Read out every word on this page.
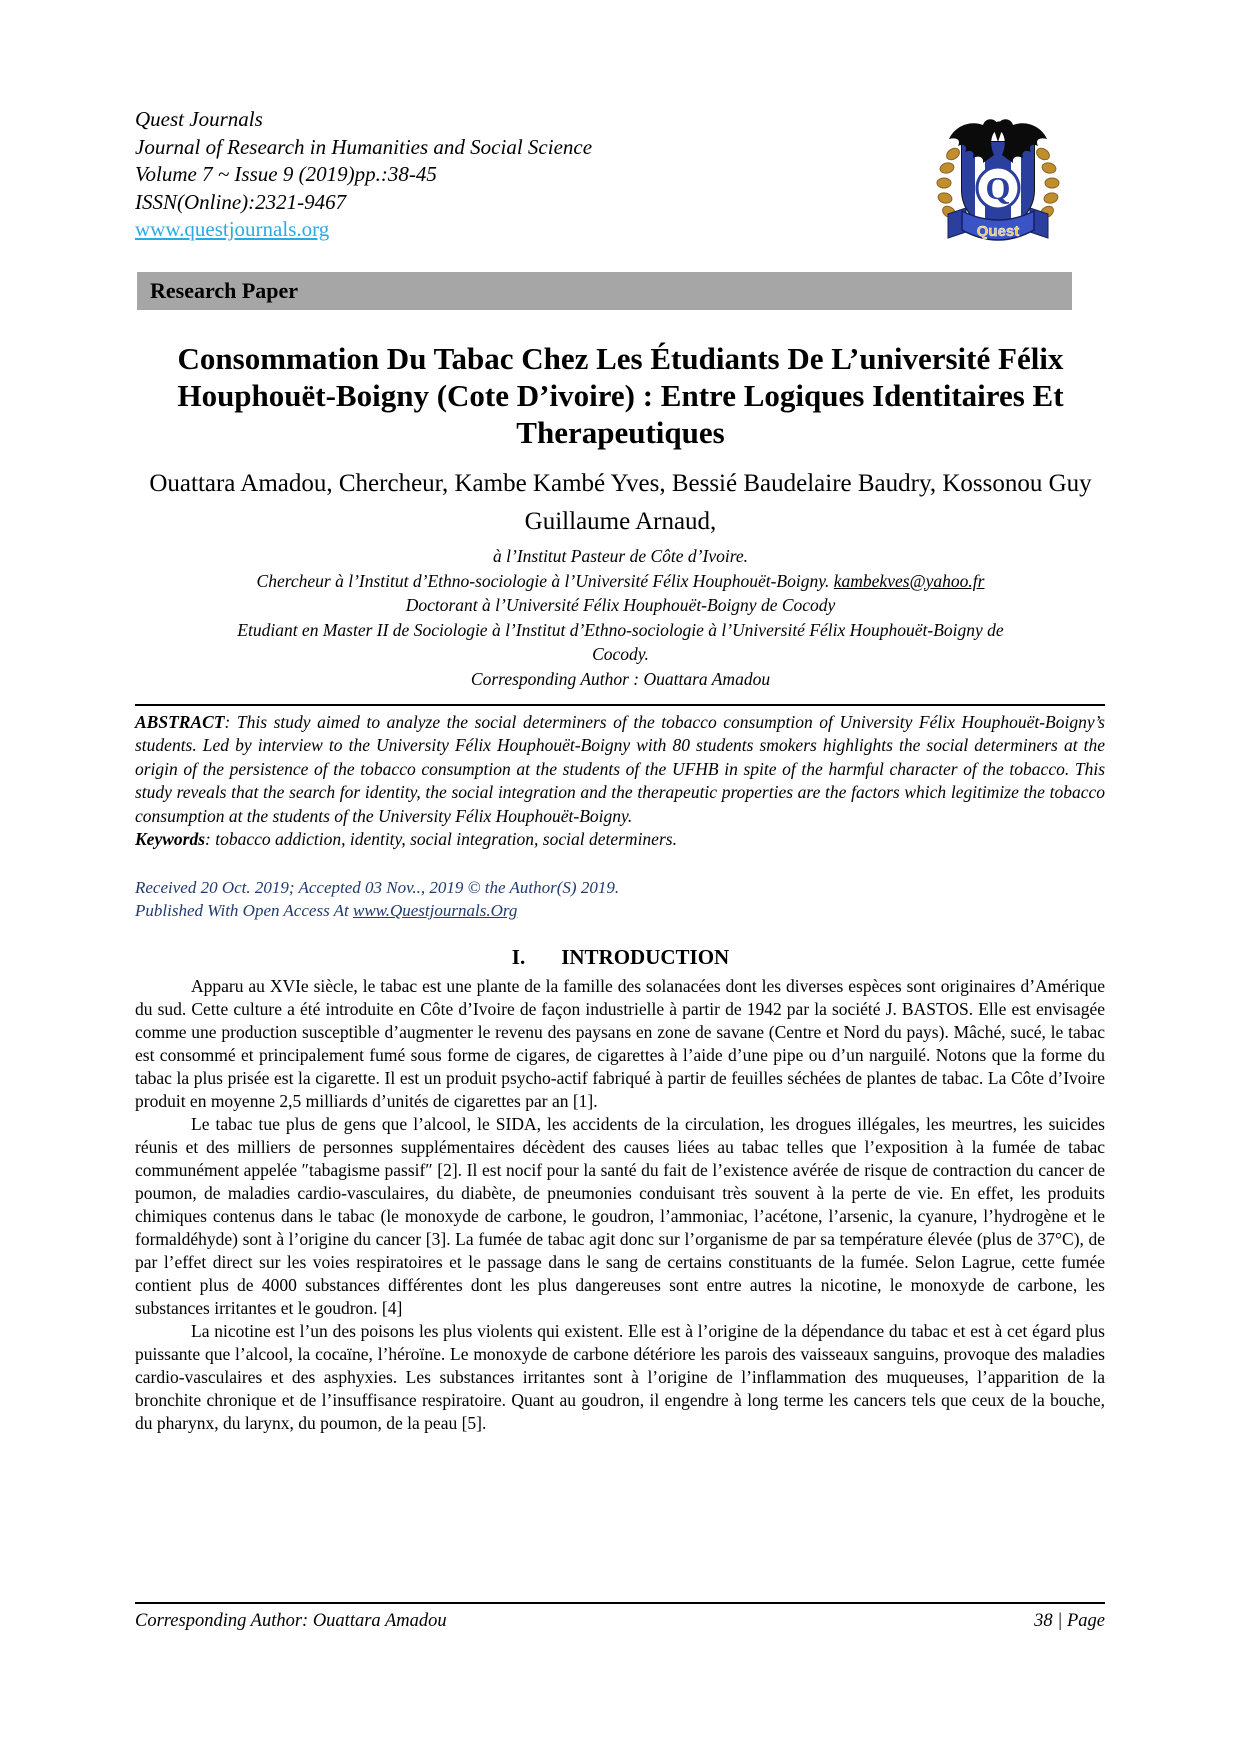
Quest Journals
Journal of Research in Humanities and Social Science
Volume 7 ~ Issue 9 (2019)pp.:38-45
ISSN(Online):2321-9467
www.questjournals.org
Q
Quest
Research Paper
Consommation Du Tabac Chez Les Étudiants De L’université Félix Houphouët-Boigny (Cote D’ivoire) : Entre Logiques Identitaires Et Therapeutiques
Ouattara Amadou, Chercheur, Kambe Kambé Yves, Bessié Baudelaire Baudry, Kossonou Guy Guillaume Arnaud,
à l’Institut Pasteur de Côte d’Ivoire.
Chercheur à l’Institut d’Ethno-sociologie à l’Université Félix Houphouët-Boigny. kambekves@yahoo.fr
Doctorant à l’Université Félix Houphouët-Boigny de Cocody
Etudiant en Master II de Sociologie à l’Institut d’Ethno-sociologie à l’Université Félix Houphouët-Boigny de
Cocody.
Corresponding Author : Ouattara Amadou
ABSTRACT: This study aimed to analyze the social determiners of the tobacco consumption of University Félix Houphouët-Boigny’s students. Led by interview to the University Félix Houphouët-Boigny with 80 students smokers highlights the social determiners at the origin of the persistence of the tobacco consumption at the students of the UFHB in spite of the harmful character of the tobacco. This study reveals that the search for identity, the social integration and the therapeutic properties are the factors which legitimize the tobacco consumption at the students of the University Félix Houphouët-Boigny.
Keywords: tobacco addiction, identity, social integration, social determiners.
Received 20 Oct. 2019; Accepted 03 Nov.., 2019 © the Author(S) 2019.
Published With Open Access At www.Questjournals.Org
I. INTRODUCTION

Apparu au XVIe siècle, le tabac est une plante de la famille des solanacées dont les diverses espèces sont originaires d’Amérique du sud. Cette culture a été introduite en Côte d’Ivoire de façon industrielle à partir de 1942 par la société J. BASTOS. Elle est envisagée comme une production susceptible d’augmenter le revenu des paysans en zone de savane (Centre et Nord du pays). Mâché, sucé, le tabac est consommé et principalement fumé sous forme de cigares, de cigarettes à l’aide d’une pipe ou d’un narguilé. Notons que la forme du tabac la plus prisée est la cigarette. Il est un produit psycho-actif fabriqué à partir de feuilles séchées de plantes de tabac. La Côte d’Ivoire produit en moyenne 2,5 milliards d’unités de cigarettes par an [1].

Le tabac tue plus de gens que l’alcool, le SIDA, les accidents de la circulation, les drogues illégales, les meurtres, les suicides réunis et des milliers de personnes supplémentaires décèdent des causes liées au tabac telles que l’exposition à la fumée de tabac communément appelée ″tabagisme passif″ [2]. Il est nocif pour la santé du fait de l’existence avérée de risque de contraction du cancer de poumon, de maladies cardio-vasculaires, du diabète, de pneumonies conduisant très souvent à la perte de vie. En effet, les produits chimiques contenus dans le tabac (le monoxyde de carbone, le goudron, l’ammoniac, l’acétone, l’arsenic, la cyanure, l’hydrogène et le formaldéhyde) sont à l’origine du cancer [3]. La fumée de tabac agit donc sur l’organisme de par sa température élevée (plus de 37°C), de par l’effet direct sur les voies respiratoires et le passage dans le sang de certains constituants de la fumée. Selon Lagrue, cette fumée contient plus de 4000 substances différentes dont les plus dangereuses sont entre autres la nicotine, le monoxyde de carbone, les substances irritantes et le goudron. [4]

La nicotine est l’un des poisons les plus violents qui existent. Elle est à l’origine de la dépendance du tabac et est à cet égard plus puissante que l’alcool, la cocaïne, l’héroïne. Le monoxyde de carbone détériore les parois des vaisseaux sanguins, provoque des maladies cardio-vasculaires et des asphyxies. Les substances irritantes sont à l’origine de l’inflammation des muqueuses, l’apparition de la bronchite chronique et de l’insuffisance respiratoire. Quant au goudron, il engendre à long terme les cancers tels que ceux de la bouche, du pharynx, du larynx, du poumon, de la peau [5].

Corresponding Author: Ouattara Amadou	38 | Page
